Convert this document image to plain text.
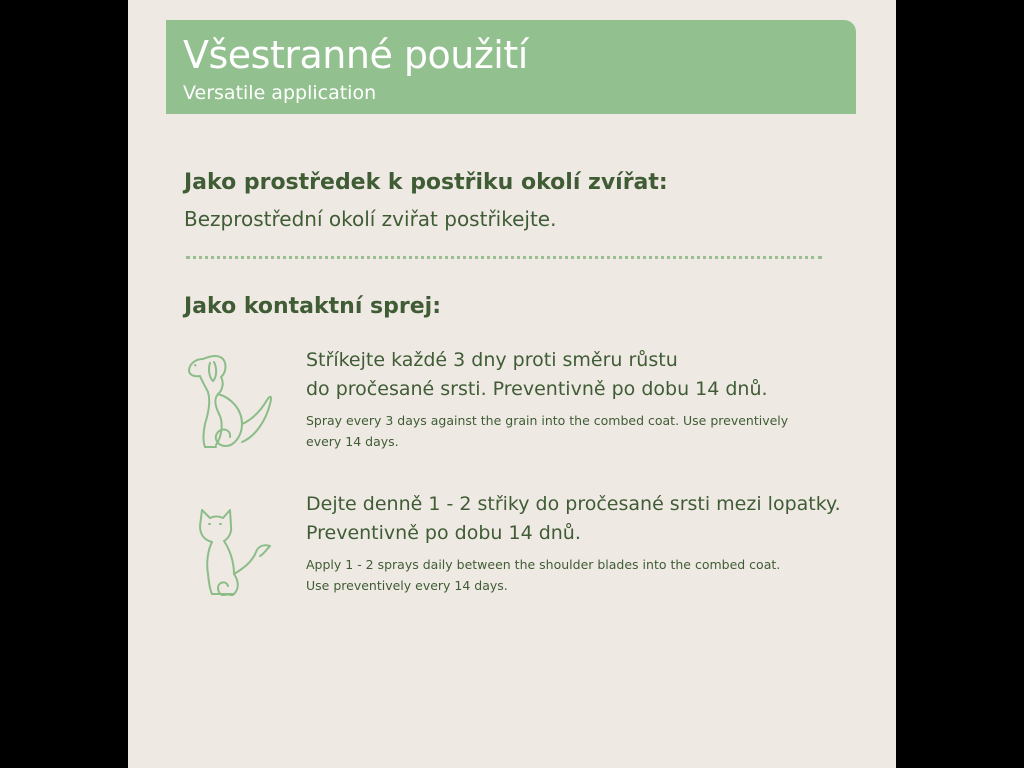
Všestranné použití
Versatile application
Jako prostředek k postřiku okolí zvířat:
Bezprostřední okolí zviřat postřikejte.
Jako kontaktní sprej:
Stříkejte každé 3 dny proti směru růstu
do pročesané srsti. Preventivně po dobu 14 dnů.
Spray every 3 days against the grain into the combed coat. Use preventively
every 14 days.
Dejte denně 1 - 2 střiky do pročesané srsti mezi lopatky.
Preventivně po dobu 14 dnů.
Apply 1 - 2 sprays daily between the shoulder blades into the combed coat.
Use preventively every 14 days.
